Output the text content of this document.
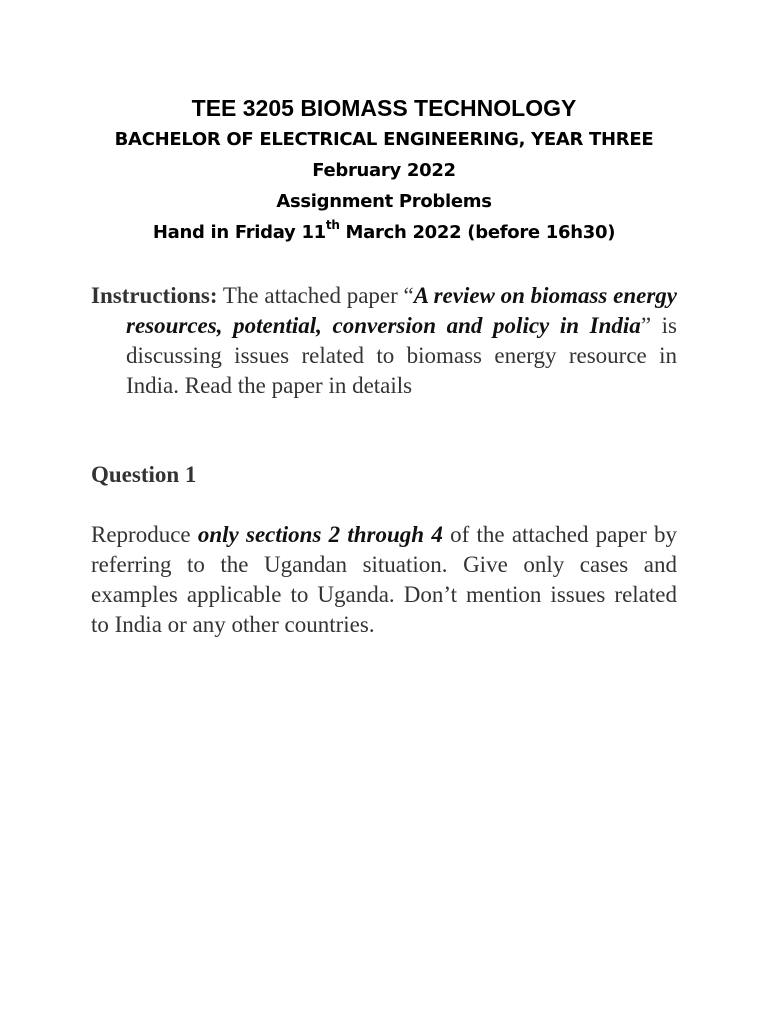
TEE 3205 BIOMASS TECHNOLOGY

BACHELOR OF ELECTRICAL ENGINEERING, YEAR THREE

February 2022

Assignment Problems

Hand in Friday 11th March 2022 (before 16h30)

Instructions: The attached paper “A review on biomass energy resources, potential, conversion and policy in India” is discussing issues related to biomass energy resource in India. Read the paper in details

Question 1

Reproduce only sections 2 through 4 of the attached paper by referring to the Ugandan situation. Give only cases and examples applicable to Uganda. Don’t mention issues related to India or any other countries.
